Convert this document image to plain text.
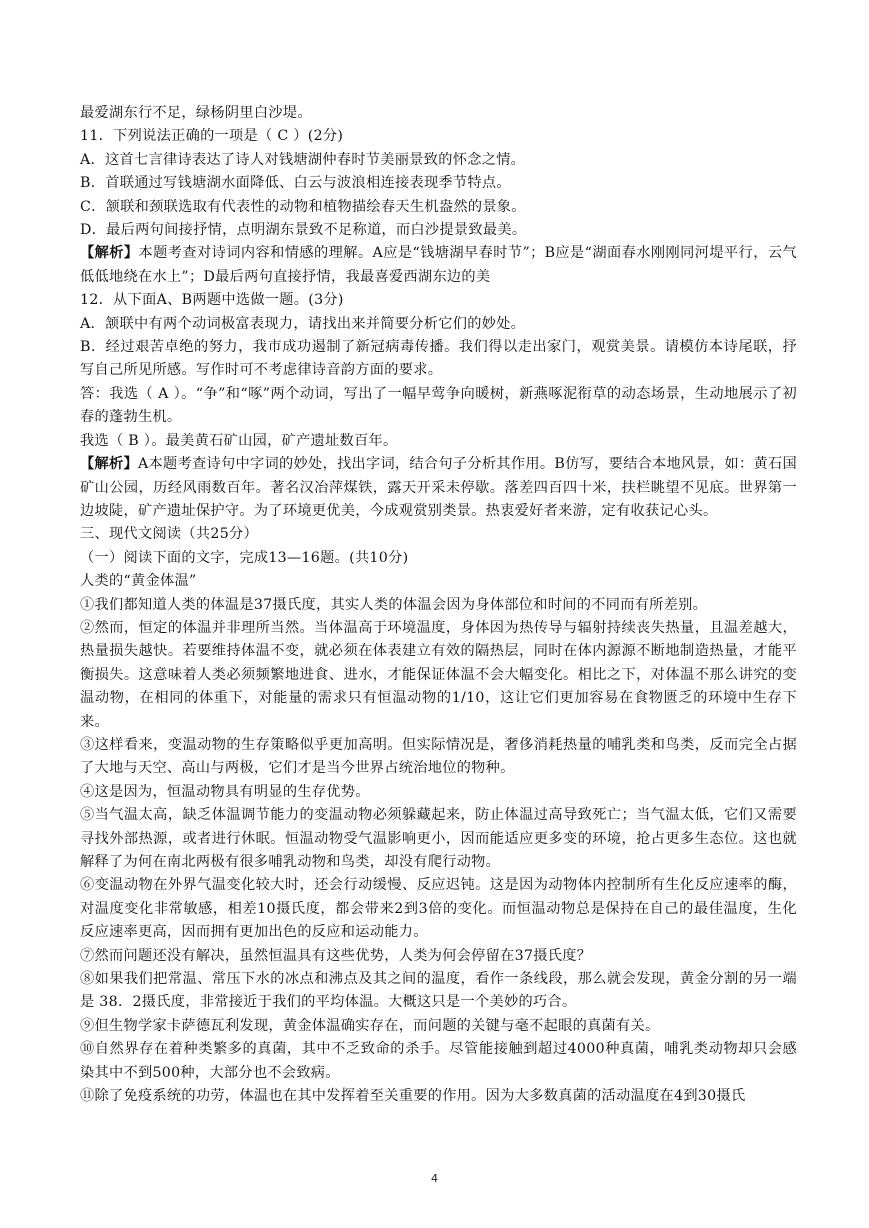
最爱湖东行不足，绿杨阴里白沙堤。

11．下列说法正确的一项是（ C ）(2分)

A．这首七言律诗表达了诗人对钱塘湖仲春时节美丽景致的怀念之情。

B．首联通过写钱塘湖水面降低、白云与波浪相连接表现季节特点。

C．颔联和颈联选取有代表性的动物和植物描绘春天生机盎然的景象。

D．最后两句间接抒情，点明湖东景致不足称道，而白沙提景致最美。

【解析】本题考查对诗词内容和情感的理解。A应是“钱塘湖早春时节”；B应是“湖面春水刚刚同河堤平行，云气低低地绕在水上”；D最后两句直接抒情，我最喜爱西湖东边的美

12．从下面A、B两题中选做一题。(3分)

A．颔联中有两个动词极富表现力，请找出来并简要分析它们的妙处。

B．经过艰苦卓绝的努力，我市成功遏制了新冠病毒传播。我们得以走出家门，观赏美景。请模仿本诗尾联，抒写自己所见所感。写作时可不考虑律诗音韵方面的要求。

答：我选（ A ）。“争”和“啄”两个动词，写出了一幅早莺争向暖树，新燕啄泥衔草的动态场景，生动地展示了初春的蓬勃生机。

我选（ B ）。最美黄石矿山园，矿产遗址数百年。

【解析】A本题考查诗句中字词的妙处，找出字词，结合句子分析其作用。B仿写，要结合本地风景，如：黄石国矿山公园，历经风雨数百年。著名汉冶萍煤铁，露天开采未停歇。落差四百四十米，扶栏眺望不见底。世界第一边坡陡，矿产遗址保护守。为了环境更优美，今成观赏别类景。热衷爱好者来游，定有收获记心头。

三、现代文阅读（共25分）

（一）阅读下面的文字，完成13—16题。(共10分)

人类的“黄金体温”

①我们都知道人类的体温是37摄氏度，其实人类的体温会因为身体部位和时间的不同而有所差别。

②然而，恒定的体温并非理所当然。当体温高于环境温度，身体因为热传导与辐射持续丧失热量，且温差越大，热量损失越快。若要维持体温不变，就必须在体表建立有效的隔热层，同时在体内源源不断地制造热量，才能平衡损失。这意味着人类必须频繁地进食、进水，才能保证体温不会大幅变化。相比之下，对体温不那么讲究的变温动物，在相同的体重下，对能量的需求只有恒温动物的1/10，这让它们更加容易在食物匮乏的环境中生存下来。

③这样看来，变温动物的生存策略似乎更加高明。但实际情况是，奢侈消耗热量的哺乳类和鸟类，反而完全占据了大地与天空、高山与两极，它们才是当今世界占统治地位的物种。

④这是因为，恒温动物具有明显的生存优势。

⑤当气温太高，缺乏体温调节能力的变温动物必须躲藏起来，防止体温过高导致死亡；当气温太低，它们又需要寻找外部热源，或者进行休眠。恒温动物受气温影响更小，因而能适应更多变的环境，抢占更多生态位。这也就解释了为何在南北两极有很多哺乳动物和鸟类，却没有爬行动物。

⑥变温动物在外界气温变化较大时，还会行动缓慢、反应迟钝。这是因为动物体内控制所有生化反应速率的酶，对温度变化非常敏感，相差10摄氏度，都会带来2到3倍的变化。而恒温动物总是保持在自己的最佳温度，生化反应速率更高，因而拥有更加出色的反应和运动能力。

⑦然而问题还没有解决，虽然恒温具有这些优势，人类为何会停留在37摄氏度？

⑧如果我们把常温、常压下水的冰点和沸点及其之间的温度，看作一条线段，那么就会发现，黄金分割的另一端是 38．2摄氏度，非常接近于我们的平均体温。大概这只是一个美妙的巧合。

⑨但生物学家卡萨德瓦利发现，黄金体温确实存在，而问题的关键与毫不起眼的真菌有关。

⑩自然界存在着种类繁多的真菌，其中不乏致命的杀手。尽管能接触到超过4000种真菌，哺乳类动物却只会感染其中不到500种，大部分也不会致病。

⑪除了免疫系统的功劳，体温也在其中发挥着至关重要的作用。因为大多数真菌的活动温度在4到30摄氏

4
